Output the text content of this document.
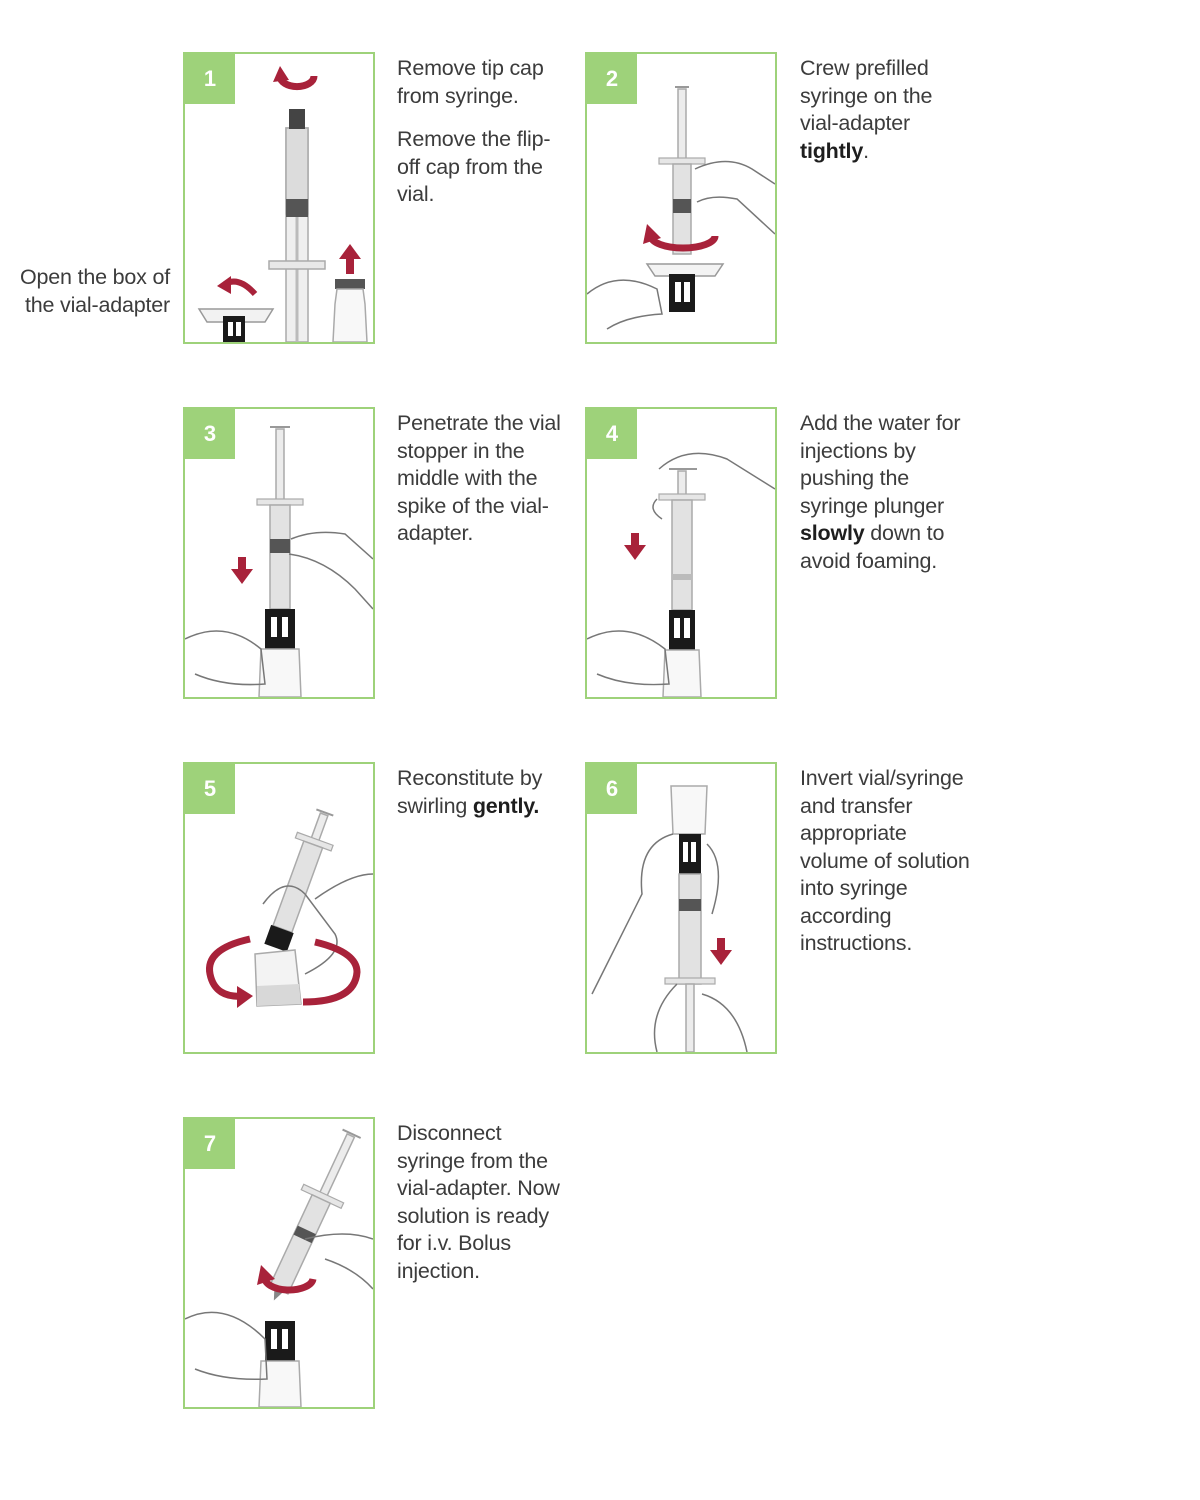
Open the box of the vial-adapter
1	Remove tip cap from syringe.

Remove the flip-off cap from the vial.

2	Crew prefilled syringe on the vial-adapter tightly.

3	Penetrate the vial stopper in the middle with the spike of the vial-adapter.

4	Add the water for injections by pushing the syringe plunger slowly down to avoid foaming.

5	Reconstitute by swirling gently.

6	Invert vial/syringe and transfer appropriate volume of solution into syringe according instructions.

7	Disconnect syringe from the vial-adapter. Now solution is ready for i.v. Bolus injection.
